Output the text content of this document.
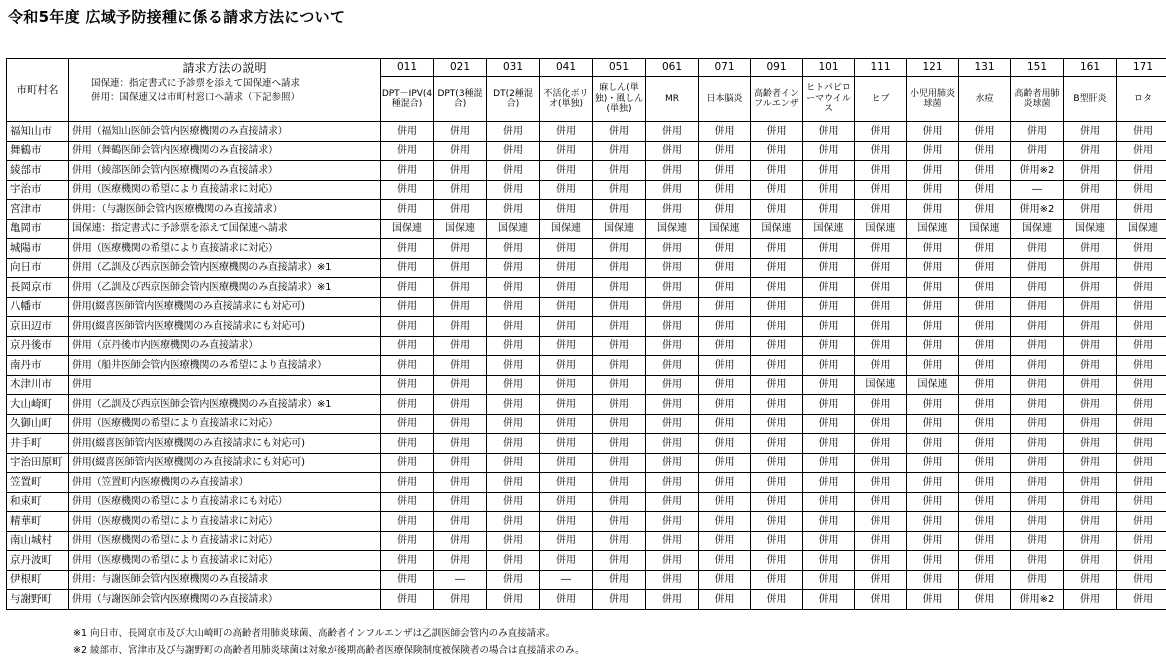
令和5年度 広域予防接種に係る請求方法について
市町村名	請求方法の説明
国保連：指定書式に予診票を添えて国保連へ請求
併用：国保連又は市町村窓口へ請求（下記参照）	011	021	031	041	051	061	071	091	101	111	121	131	151	161	171
		DPT－IPV(4種混合)	DPT(3種混合)	DT(2種混合)	不活化ポリオ(単独)	麻しん(単独)・風しん(単独)	MR	日本脳炎	高齢者インフルエンザ	ヒトパピローマウイルス	ヒブ	小児用肺炎球菌	水痘	高齢者用肺炎球菌	B型肝炎	ロタ
福知山市	併用（福知山医師会管内医療機関のみ直接請求）	併用	併用	併用	併用	併用	併用	併用	併用	併用	併用	併用	併用	併用	併用	併用
舞鶴市	併用（舞鶴医師会管内医療機関のみ直接請求）	併用	併用	併用	併用	併用	併用	併用	併用	併用	併用	併用	併用	併用	併用	併用
綾部市	併用（綾部医師会管内医療機関のみ直接請求）	併用	併用	併用	併用	併用	併用	併用	併用	併用	併用	併用	併用	併用※2	併用	併用
宇治市	併用（医療機関の希望により直接請求に対応）	併用	併用	併用	併用	併用	併用	併用	併用	併用	併用	併用	併用	―	併用	併用
宮津市	併用：（与謝医師会管内医療機関のみ直接請求）	併用	併用	併用	併用	併用	併用	併用	併用	併用	併用	併用	併用	併用※2	併用	併用
亀岡市	国保連：指定書式に予診票を添えて国保連へ請求	国保連	国保連	国保連	国保連	国保連	国保連	国保連	国保連	国保連	国保連	国保連	国保連	国保連	国保連	国保連
城陽市	併用（医療機関の希望により直接請求に対応）	併用	併用	併用	併用	併用	併用	併用	併用	併用	併用	併用	併用	併用	併用	併用
向日市	併用（乙訓及び西京医師会管内医療機関のみ直接請求）※1	併用	併用	併用	併用	併用	併用	併用	併用	併用	併用	併用	併用	併用	併用	併用
長岡京市	併用（乙訓及び西京医師会管内医療機関のみ直接請求）※1	併用	併用	併用	併用	併用	併用	併用	併用	併用	併用	併用	併用	併用	併用	併用
八幡市	併用(綴喜医師管内医療機関のみ直接請求にも対応可)	併用	併用	併用	併用	併用	併用	併用	併用	併用	併用	併用	併用	併用	併用	併用
京田辺市	併用(綴喜医師管内医療機関のみ直接請求にも対応可)	併用	併用	併用	併用	併用	併用	併用	併用	併用	併用	併用	併用	併用	併用	併用
京丹後市	併用（京丹後市内医療機関のみ直接請求）	併用	併用	併用	併用	併用	併用	併用	併用	併用	併用	併用	併用	併用	併用	併用
南丹市	併用（船井医師会管内医療機関のみ希望により直接請求）	併用	併用	併用	併用	併用	併用	併用	併用	併用	併用	併用	併用	併用	併用	併用
木津川市	併用	併用	併用	併用	併用	併用	併用	併用	併用	併用	国保連	国保連	併用	併用	併用	併用
大山崎町	併用（乙訓及び西京医師会管内医療機関のみ直接請求）※1	併用	併用	併用	併用	併用	併用	併用	併用	併用	併用	併用	併用	併用	併用	併用
久御山町	併用（医療機関の希望により直接請求に対応）	併用	併用	併用	併用	併用	併用	併用	併用	併用	併用	併用	併用	併用	併用	併用
井手町	併用(綴喜医師管内医療機関のみ直接請求にも対応可)	併用	併用	併用	併用	併用	併用	併用	併用	併用	併用	併用	併用	併用	併用	併用
宇治田原町	併用(綴喜医師管内医療機関のみ直接請求にも対応可)	併用	併用	併用	併用	併用	併用	併用	併用	併用	併用	併用	併用	併用	併用	併用
笠置町	併用（笠置町内医療機関のみ直接請求）	併用	併用	併用	併用	併用	併用	併用	併用	併用	併用	併用	併用	併用	併用	併用
和束町	併用（医療機関の希望により直接請求にも対応）	併用	併用	併用	併用	併用	併用	併用	併用	併用	併用	併用	併用	併用	併用	併用
精華町	併用（医療機関の希望により直接請求に対応）	併用	併用	併用	併用	併用	併用	併用	併用	併用	併用	併用	併用	併用	併用	併用
南山城村	併用（医療機関の希望により直接請求に対応）	併用	併用	併用	併用	併用	併用	併用	併用	併用	併用	併用	併用	併用	併用	併用
京丹波町	併用（医療機関の希望により直接請求に対応）	併用	併用	併用	併用	併用	併用	併用	併用	併用	併用	併用	併用	併用	併用	併用
伊根町	併用：与謝医師会管内医療機関のみ直接請求	併用	―	併用	―	併用	併用	併用	併用	併用	併用	併用	併用	併用	併用	併用
与謝野町	併用（与謝医師会管内医療機関のみ直接請求）	併用	併用	併用	併用	併用	併用	併用	併用	併用	併用	併用	併用	併用※2	併用	併用
※1 向日市、長岡京市及び大山崎町の高齢者用肺炎球菌、高齢者インフルエンザは乙訓医師会管内のみ直接請求。
※2 綾部市、宮津市及び与謝野町の高齢者用肺炎球菌は対象が後期高齢者医療保険制度被保険者の場合は直接請求のみ。
